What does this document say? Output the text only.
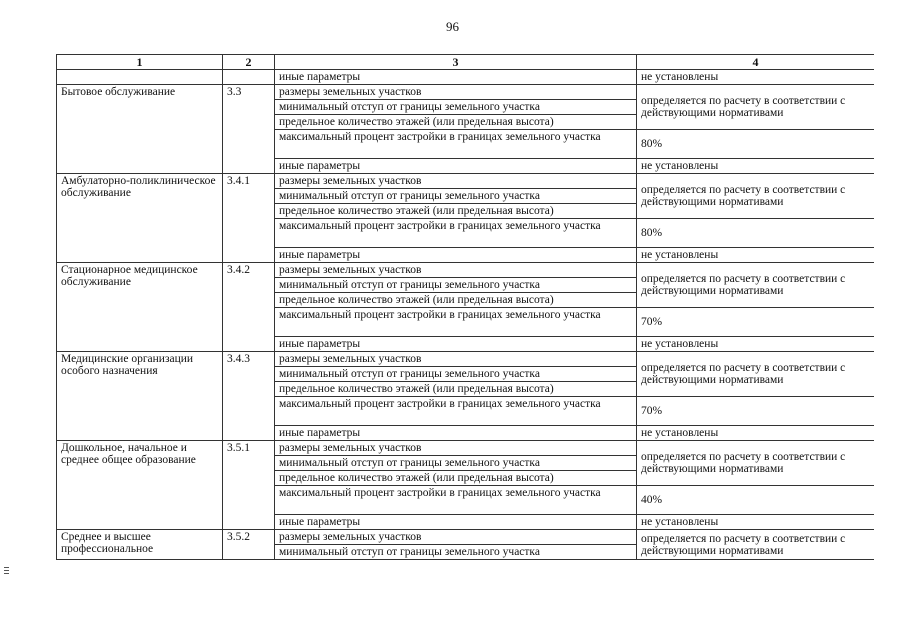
96
1	2	3	4
		иные параметры	не установлены
Бытовое обслуживание	3.3	размеры земельных участков	определяется по расчету в соответствии с действующими нормативами
		минимальный отступ от границы земельного участка	
		предельное количество этажей (или предельная высота)	
		максимальный процент застройки в границах земельного участка	80%
		иные параметры	не установлены
Амбулаторно-поликлиническое обслуживание	3.4.1	размеры земельных участков	определяется по расчету в соответствии с действующими нормативами
		минимальный отступ от границы земельного участка	
		предельное количество этажей (или предельная высота)	
		максимальный процент застройки в границах земельного участка	80%
		иные параметры	не установлены
Стационарное медицинское обслуживание	3.4.2	размеры земельных участков	определяется по расчету в соответствии с действующими нормативами
		минимальный отступ от границы земельного участка	
		предельное количество этажей (или предельная высота)	
		максимальный процент застройки в границах земельного участка	70%
		иные параметры	не установлены
Медицинские организации особого назначения	3.4.3	размеры земельных участков	определяется по расчету в соответствии с действующими нормативами
		минимальный отступ от границы земельного участка	
		предельное количество этажей (или предельная высота)	
		максимальный процент застройки в границах земельного участка	70%
		иные параметры	не установлены
Дошкольное, начальное и среднее общее образование	3.5.1	размеры земельных участков	определяется по расчету в соответствии с действующими нормативами
		минимальный отступ от границы земельного участка	
		предельное количество этажей (или предельная высота)	
		максимальный процент застройки в границах земельного участка	40%
		иные параметры	не установлены
Среднее и высшее профессиональное	3.5.2	размеры земельных участков	определяется по расчету в соответствии с действующими нормативами
		минимальный отступ от границы земельного участка	
